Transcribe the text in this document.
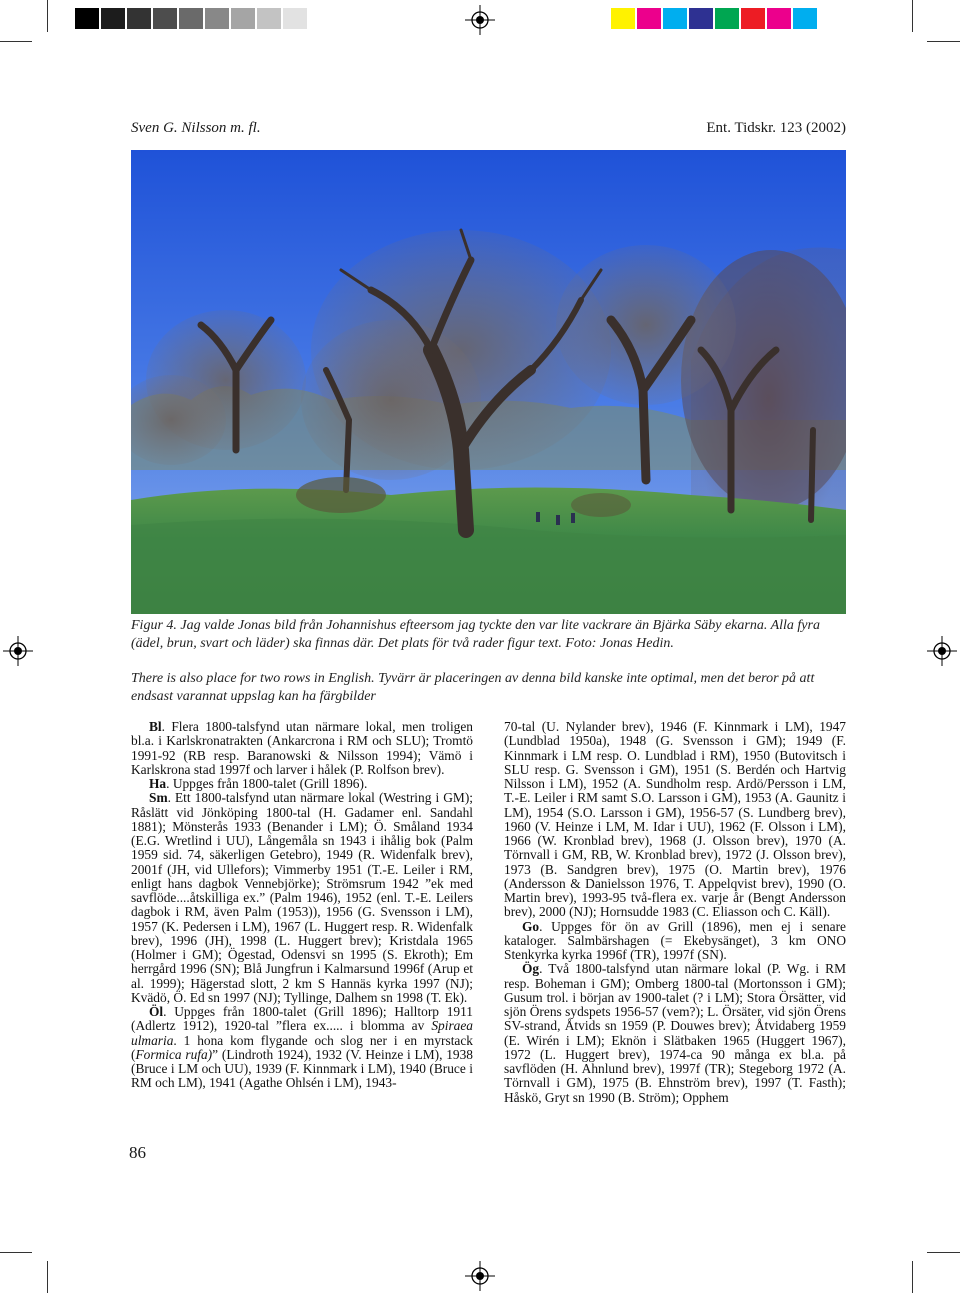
Sven G. Nilsson m. fl.	Ent. Tidskr. 123 (2002)
Figur 4. Jag valde Jonas bild från Johannishus efteersom jag tyckte den var lite vackrare än Bjärka Säby ekarna. Alla fyra (ädel, brun, svart och läder) ska finnas där. Det plats för två rader figur text. Foto: Jonas Hedin.
There is also place for two rows in English. Tyvärr är placeringen av denna bild kanske inte optimal, men det beror på att endsast varannat uppslag kan ha färgbilder

Bl. Flera 1800-talsfynd utan närmare lokal, men troligen bl.a. i Karlskronatrakten (Ankarcrona i RM och SLU); Tromtö 1991-92 (RB resp. Baranowski & Nilsson 1994); Vämö i Karlskrona stad 1997f och larver i hålek (P. Rolfson brev).

Ha. Uppges från 1800-talet (Grill 1896).

Sm. Ett 1800-talsfynd utan närmare lokal (Westring i GM); Råslätt vid Jönköping 1800-tal (H. Gadamer enl. Sandahl 1881); Mönsterås 1933 (Benander i LM); Ö. Småland 1934 (E.G. Wretlind i UU), Långemåla sn 1943 i ihålig bok (Palm 1959 sid. 74, säkerligen Getebro), 1949 (R. Widenfalk brev), 2001f (JH, vid Ullefors); Vimmerby 1951 (T.-E. Leiler i RM, enligt hans dagbok Vennebjörke); Strömsrum 1942 ”ek med savflöde....åtskilliga ex.” (Palm 1946), 1952 (enl. T.-E. Leilers dagbok i RM, även Palm (1953)), 1956 (G. Svensson i LM), 1957 (K. Pedersen i LM), 1967 (L. Huggert resp. R. Widenfalk brev), 1996 (JH), 1998 (L. Huggert brev); Kristdala 1965 (Holmer i GM); Ögestad, Odensvi sn 1995 (S. Ekroth); Em herrgård 1996 (SN); Blå Jungfrun i Kalmarsund 1996f (Arup et al. 1999); Hägerstad slott, 2 km S Hannäs kyrka 1997 (NJ); Kvädö, Ö. Ed sn 1997 (NJ); Tyllinge, Dalhem sn 1998 (T. Ek).

Öl. Uppges från 1800-talet (Grill 1896); Halltorp 1911 (Adlertz 1912), 1920-tal ”flera ex..... i blomma av Spiraea ulmaria. 1 hona kom flygande och slog ner i en myrstack (Formica rufa)” (Lindroth 1924), 1932 (V. Heinze i LM), 1938 (Bruce i LM och UU), 1939 (F. Kinnmark i LM), 1940 (Bruce i RM och LM), 1941 (Agathe Ohlsén i LM), 1943-

70-tal (U. Nylander brev), 1946 (F. Kinnmark i LM), 1947 (Lundblad 1950a), 1948 (G. Svensson i GM); 1949 (F. Kinnmark i LM resp. O. Lundblad i RM), 1950 (Butovitsch i SLU resp. G. Svensson i GM), 1951 (S. Berdén och Hartvig Nilsson i LM), 1952 (A. Sundholm resp. Ardö/Persson i LM, T.-E. Leiler i RM samt S.O. Larsson i GM), 1953 (A. Gaunitz i LM), 1954 (S.O. Larsson i GM), 1956-57 (S. Lundberg brev), 1960 (V. Heinze i LM, M. Idar i UU), 1962 (F. Olsson i LM), 1966 (W. Kronblad brev), 1968 (J. Olsson brev), 1970 (A. Törnvall i GM, RB, W. Kronblad brev), 1972 (J. Olsson brev), 1973 (B. Sandgren brev), 1975 (O. Martin brev), 1976 (Andersson & Danielsson 1976, T. Appelqvist brev), 1990 (O. Martin brev), 1993-95 två-flera ex. varje år (Bengt Andersson brev), 2000 (NJ); Hornsudde 1983 (C. Eliasson och C. Käll).

Go. Uppges för ön av Grill (1896), men ej i senare kataloger. Salmbärshagen (= Ekebysänget), 3 km ONO Stenkyrka kyrka 1996f (TR), 1997f (SN).

Ög. Två 1800-talsfynd utan närmare lokal (P. Wg. i RM resp. Boheman i GM); Omberg 1800-tal (Mortonsson i GM); Gusum trol. i början av 1900-talet (? i LM); Stora Örsätter, vid sjön Örens sydspets 1956-57 (vem?); L. Örsäter, vid sjön Örens SV-strand, Åtvids sn 1959 (P. Douwes brev); Åtvidaberg 1959 (E. Wirén i LM); Eknön i Slätbaken 1965 (Huggert 1967), 1972 (L. Huggert brev), 1974-ca 90 många ex bl.a. på savflöden (H. Ahnlund brev), 1997f (TR); Stegeborg 1972 (A. Törnvall i GM), 1975 (B. Ehnström brev), 1997 (T. Fasth); Håskö, Gryt sn 1990 (B. Ström); Opphem

86
